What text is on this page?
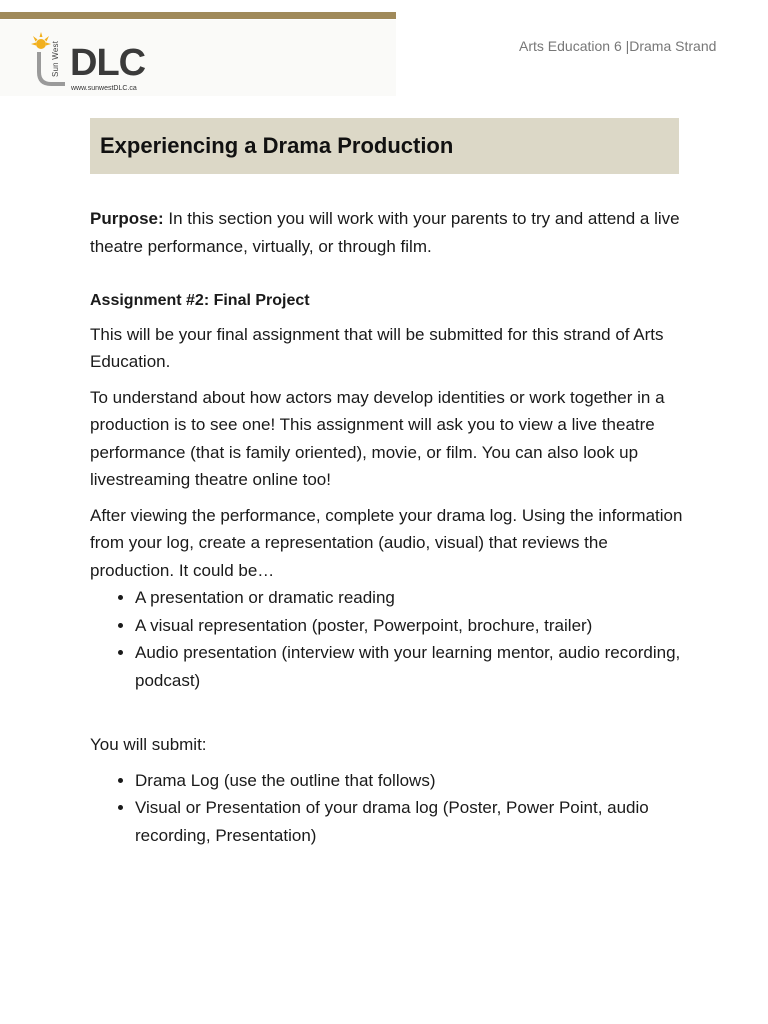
Sun West DLC
www.sunwestDLC.ca
Arts Education 6 |Drama Strand
Experiencing a Drama Production

Purpose: In this section you will work with your parents to try and attend a live theatre performance, virtually, or through film.

Assignment #2: Final Project

This will be your final assignment that will be submitted for this strand of Arts Education.

To understand about how actors may develop identities or work together in a production is to see one! This assignment will ask you to view a live theatre performance (that is family oriented), movie, or film. You can also look up livestreaming theatre online too!

After viewing the performance, complete your drama log. Using the information from your log, create a representation (audio, visual) that reviews the production. It could be…

• A presentation or dramatic reading
• A visual representation (poster, Powerpoint, brochure, trailer)
• Audio presentation (interview with your learning mentor, audio recording, podcast)

You will submit:

• Drama Log (use the outline that follows)
• Visual or Presentation of your drama log (Poster, Power Point, audio recording, Presentation)
